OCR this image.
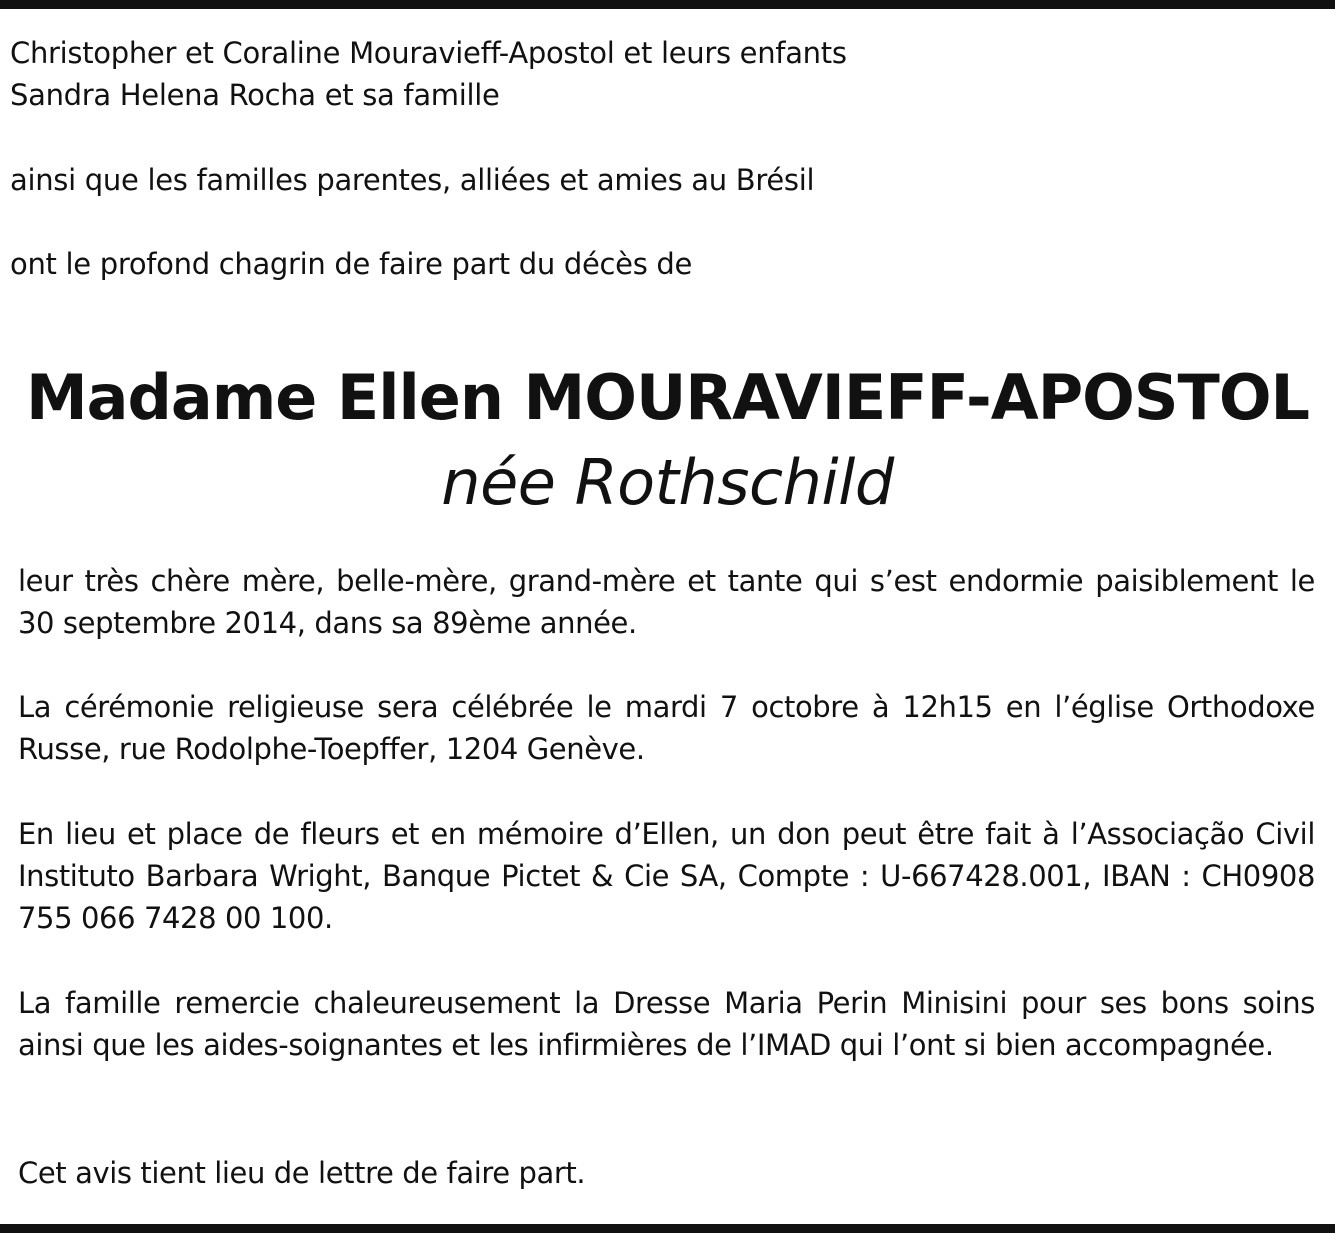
Christopher et Coraline Mouravieff-Apostol et leurs enfants
Sandra Helena Rocha et sa famille
ainsi que les familles parentes, alliées et amies au Brésil
ont le profond chagrin de faire part du décès de
Madame Ellen MOURAVIEFF-APOSTOL
née Rothschild
leur très chère mère, belle-mère, grand-mère et tante qui s’est endormie paisiblement le 30 septembre 2014, dans sa 89ème année.
La cérémonie religieuse sera célébrée le mardi 7 octobre à 12h15 en l’église Orthodoxe Russe, rue Rodolphe-Toepffer, 1204 Genève.
En lieu et place de fleurs et en mémoire d’Ellen, un don peut être fait à l’Associação Civil Instituto Barbara Wright, Banque Pictet & Cie SA, Compte : U-667428.001, IBAN : CH0908 755 066 7428 00 100.
La famille remercie chaleureusement la Dresse Maria Perin Minisini pour ses bons soins ainsi que les aides-soignantes et les infirmières de l’IMAD qui l’ont si bien accompagnée.
Cet avis tient lieu de lettre de faire part.
